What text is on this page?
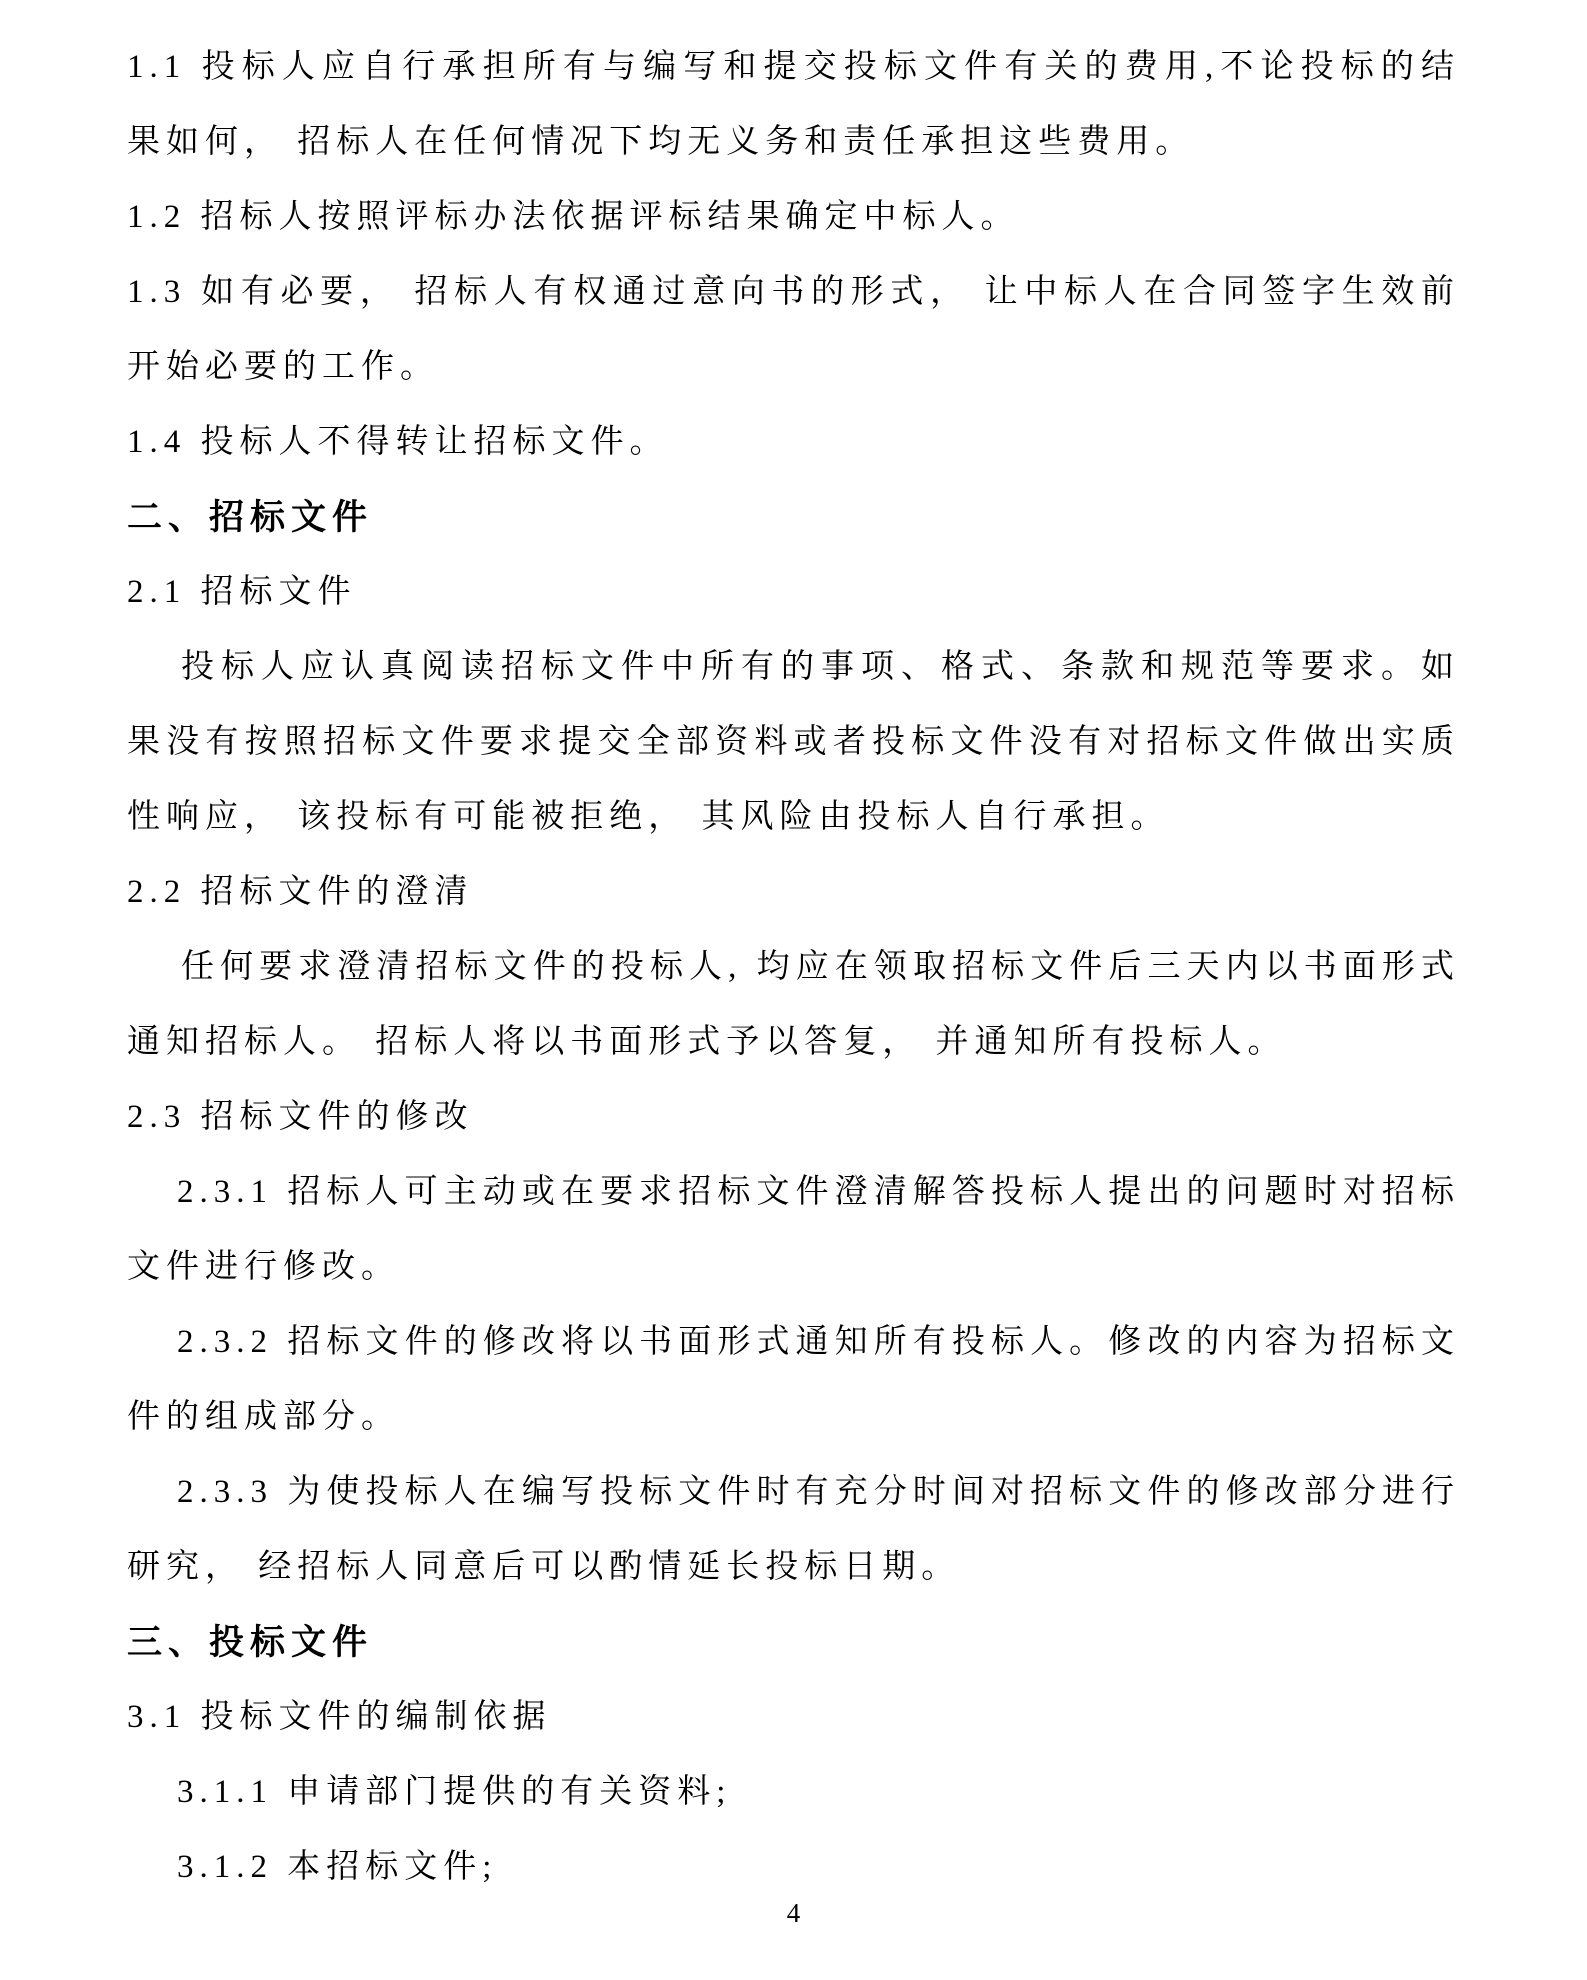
1.1 投标人应自行承担所有与编写和提交投标文件有关的费用,不论投标的结果如何， 招标人在任何情况下均无义务和责任承担这些费用。

1.2 招标人按照评标办法依据评标结果确定中标人。

1.3 如有必要， 招标人有权通过意向书的形式， 让中标人在合同签字生效前开始必要的工作。

1.4 投标人不得转让招标文件。

二、招标文件

2.1 招标文件

投标人应认真阅读招标文件中所有的事项、格式、条款和规范等要求。如果没有按照招标文件要求提交全部资料或者投标文件没有对招标文件做出实质性响应， 该投标有可能被拒绝， 其风险由投标人自行承担。

2.2 招标文件的澄清

任何要求澄清招标文件的投标人, 均应在领取招标文件后三天内以书面形式通知招标人。 招标人将以书面形式予以答复， 并通知所有投标人。

2.3 招标文件的修改

2.3.1 招标人可主动或在要求招标文件澄清解答投标人提出的问题时对招标文件进行修改。

2.3.2 招标文件的修改将以书面形式通知所有投标人。修改的内容为招标文件的组成部分。

2.3.3 为使投标人在编写投标文件时有充分时间对招标文件的修改部分进行研究， 经招标人同意后可以酌情延长投标日期。

三、投标文件

3.1 投标文件的编制依据

3.1.1 申请部门提供的有关资料;

3.1.2 本招标文件;

4
